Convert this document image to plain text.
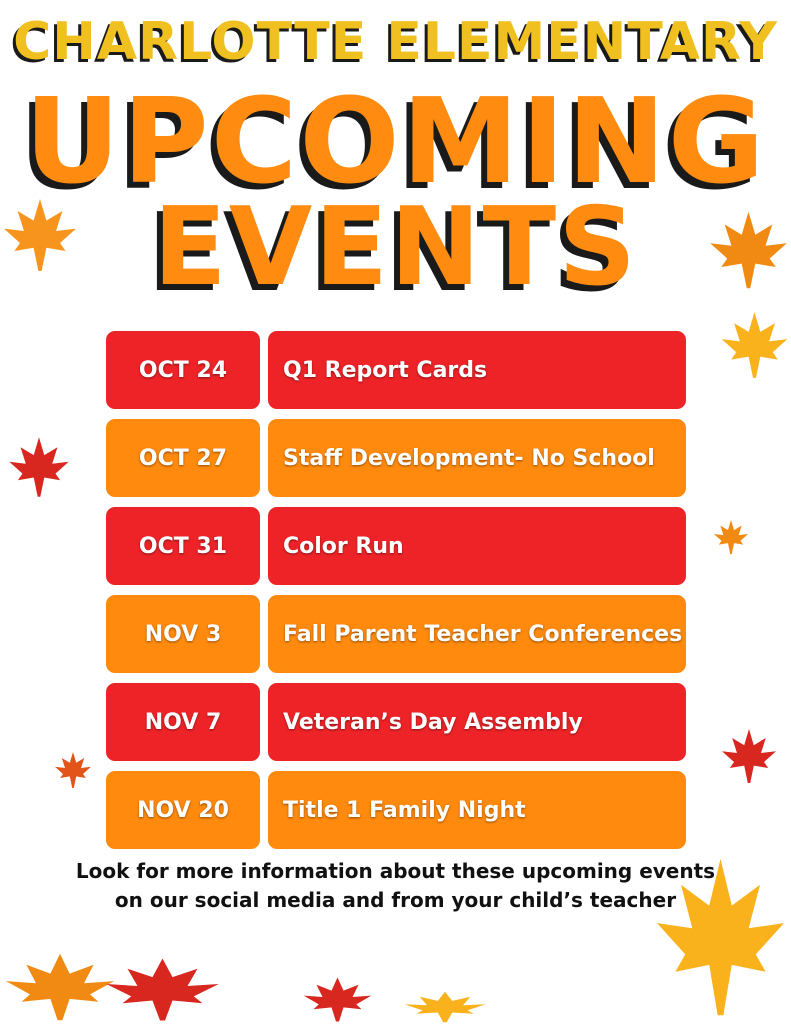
CHARLOTTE ELEMENTARY
UPCOMING
EVENTS
OCT 24	Q1 Report Cards
OCT 27	Staff Development- No School
OCT 31	Color Run
NOV 3	Fall Parent Teacher Conferences
NOV 7	Veteran’s Day Assembly
NOV 20	Title 1 Family Night
Look for more information about these upcoming events
on our social media and from your child’s teacher
